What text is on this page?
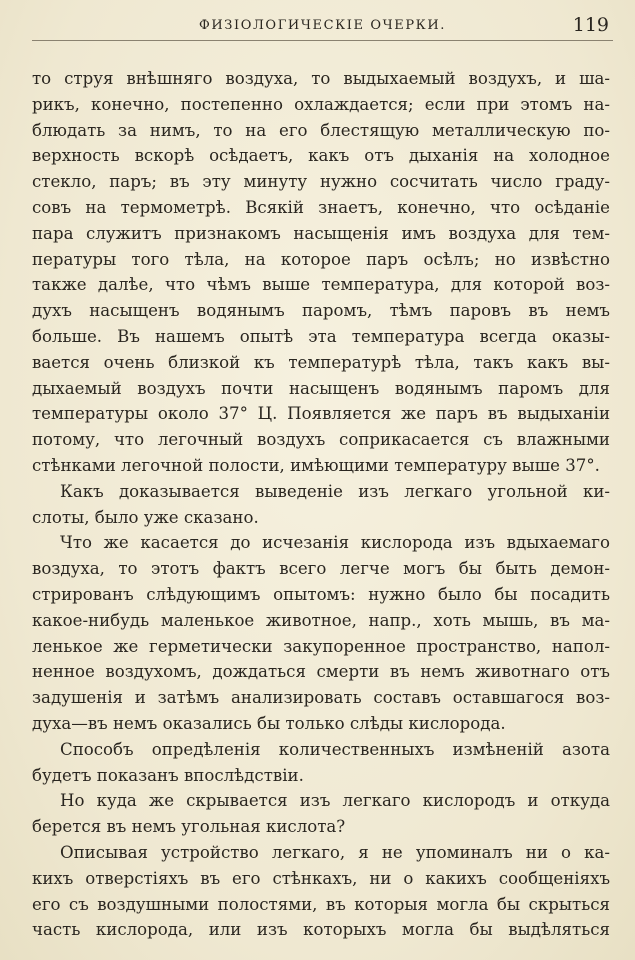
ФИЗІОЛОГИЧЕСКІЕ ОЧЕРКИ.	119
то струя внѣшняго воздуха, то выдыхаемый воздухъ, и ша-
рикъ, конечно, постепенно охлаждается; если при этомъ на-
блюдать за нимъ, то на его блестящую металлическую по-
верхность вскорѣ осѣдаетъ, какъ отъ дыханія на холодное
стекло, паръ; въ эту минуту нужно сосчитать число граду-
совъ на термометрѣ. Всякій знаетъ, конечно, что осѣданіе
пара служитъ признакомъ насыщенія имъ воздуха для тем-
пературы того тѣла, на которое паръ осѣлъ; но извѣстно
также далѣе, что чѣмъ выше температура, для которой воз-
духъ насыщенъ водянымъ паромъ, тѣмъ паровъ въ немъ
больше. Въ нашемъ опытѣ эта температура всегда оказы-
вается очень близкой къ температурѣ тѣла, такъ какъ вы-
дыхаемый воздухъ почти насыщенъ водянымъ паромъ для
температуры около 37° Ц. Появляется же паръ въ выдыханіи
потому, что легочный воздухъ соприкасается съ влажными
стѣнками легочной полости, имѣющими температуру выше 37°.
Какъ доказывается выведеніе изъ легкаго угольной ки-
слоты, было уже сказано.
Что же касается до исчезанія кислорода изъ вдыхаемаго
воздуха, то этотъ фактъ всего легче могъ бы быть демон-
стрированъ слѣдующимъ опытомъ: нужно было бы посадить
какое-нибудь маленькое животное, напр., хоть мышь, въ ма-
ленькое же герметически закупоренное пространство, напол-
ненное воздухомъ, дождаться смерти въ немъ животнаго отъ
задушенія и затѣмъ анализировать составъ оставшагося воз-
духа—въ немъ оказались бы только слѣды кислорода.
Способъ опредѣленія количественныхъ измѣненій азота
будетъ показанъ впослѣдствіи.
Но куда же скрывается изъ легкаго кислородъ и откуда
берется въ немъ угольная кислота?
Описывая устройство легкаго, я не упоминалъ ни о ка-
кихъ отверстіяхъ въ его стѣнкахъ, ни о какихъ сообщеніяхъ
его съ воздушными полостями, въ которыя могла бы скрыться
часть кислорода, или изъ которыхъ могла бы выдѣляться
